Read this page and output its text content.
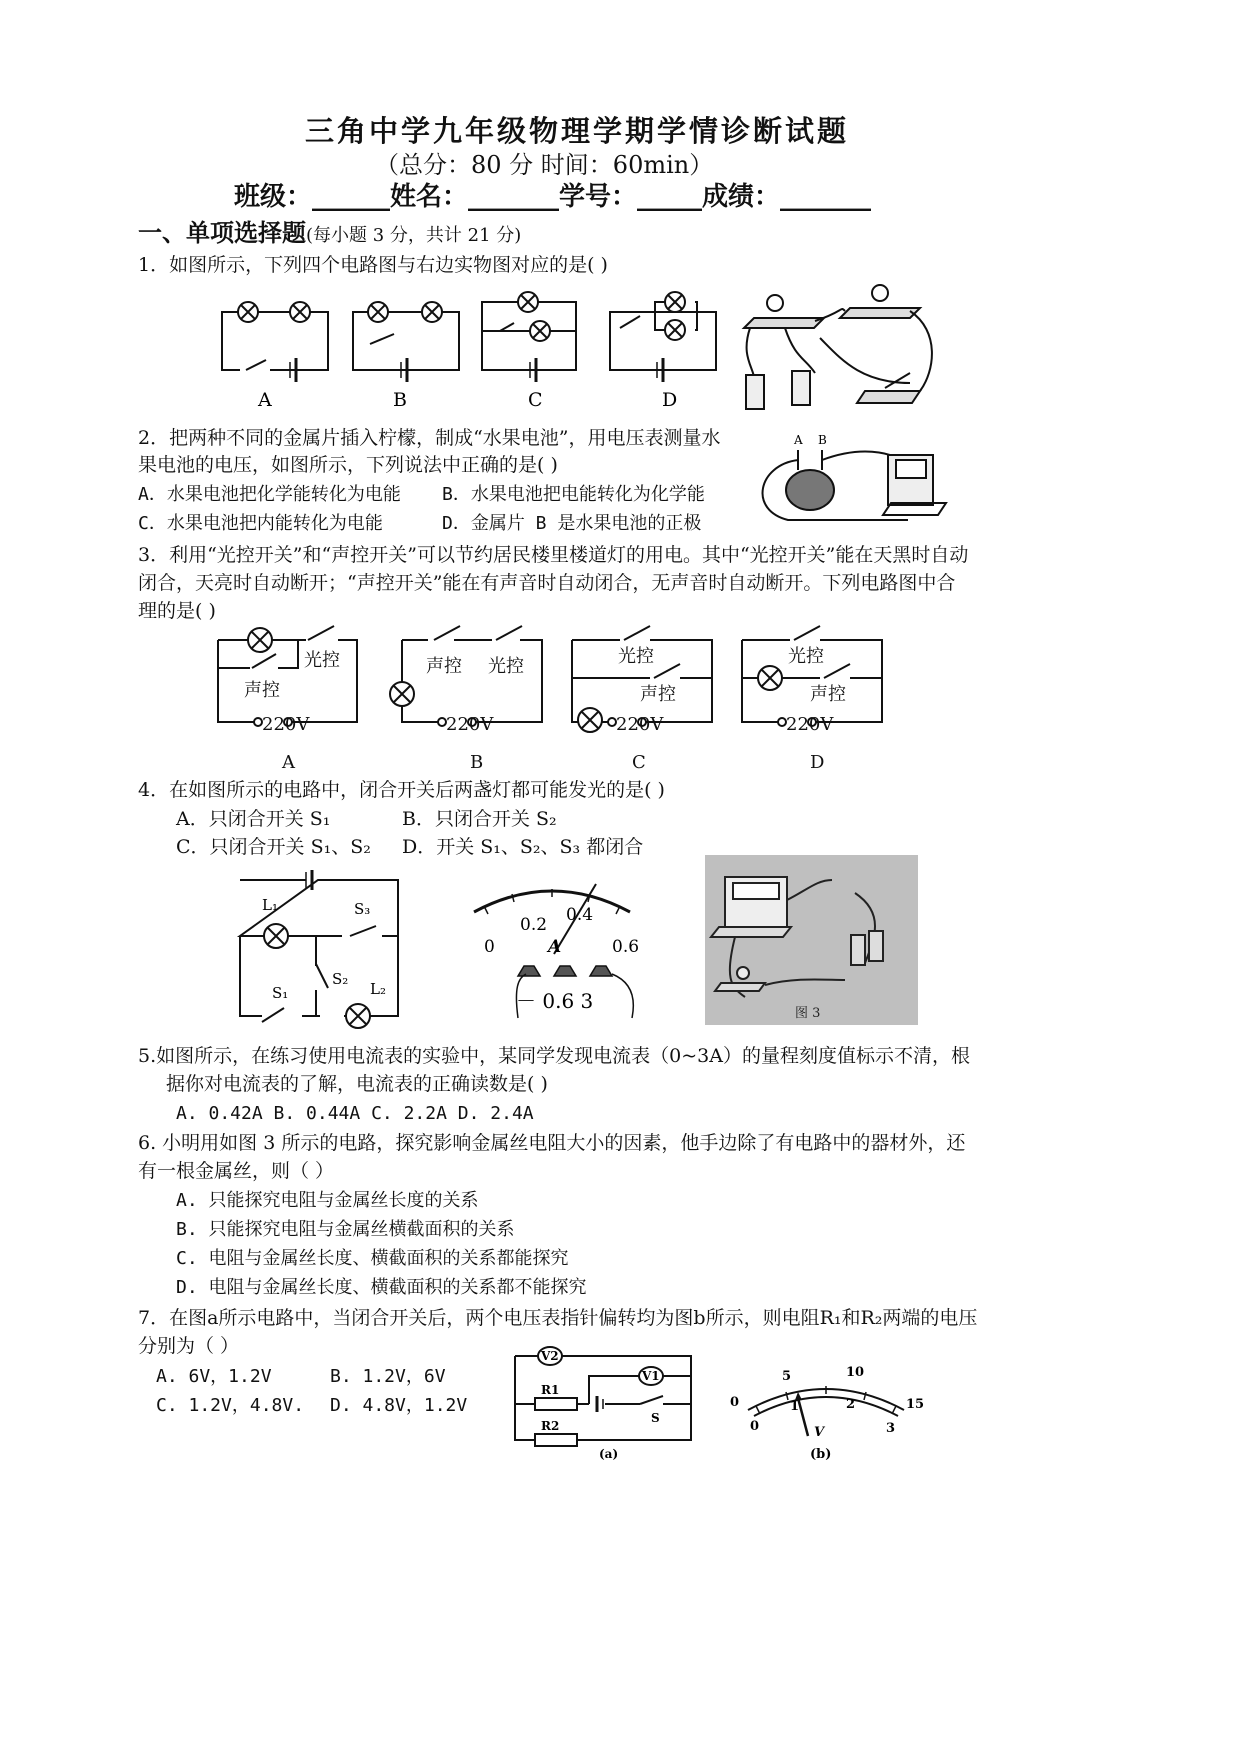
三角中学九年级物理学期学情诊断试题
（总分：80 分 时间：60min）
班级：______姓名：_______学号：_____成绩：_______
一、单项选择题(每小题 3 分，共计 21 分)
1．如图所示，下列四个电路图与右边实物图对应的是( )
A	B	C	D
2．把两种不同的金属片插入柠檬，制成“水果电池”，用电压表测量水
果电池的电压，如图所示，下列说法中正确的是( )
A．水果电池把化学能转化为电能 B．水果电池把电能转化为化学能
C．水果电池把内能转化为电能	D．金属片 B 是水果电池的正极
A B
3．利用“光控开关”和“声控开关”可以节约居民楼里楼道灯的用电。其中“光控开关”能在天黑时自动
闭合，天亮时自动断开；“声控开关”能在有声音时自动闭合，无声音时自动断开。下列电路图中合
理的是( )
光控
声控
声控 光控	光控
声控
光控
声控
220V	220V	220V	220V
A	B	C	D
4．在如图所示的电路中，闭合开关后两盏灯都可能发光的是( )
A．只闭合开关 S₁	B．只闭合开关 S₂
C．只闭合开关 S₁、S₂ D．开关 S₁、S₂、S₃ 都闭合
L₁	S₃
S₂
S₁	L₂
0
0.2 0.4
0.6
A
－ 0.6 3
图 3
5.如图所示，在练习使用电流表的实验中，某同学发现电流表（0~3A）的量程刻度值标示不清，根
据你对电流表的了解，电流表的正确读数是( )
A. 0.42A B. 0.44A C. 2.2A D. 2.4A
6. 小明用如图 3 所示的电路，探究影响金属丝电阻大小的因素，他手边除了有电路中的器材外，还
有一根金属丝，则（ ）
A. 只能探究电阻与金属丝长度的关系
B. 只能探究电阻与金属丝横截面积的关系
C. 电阻与金属丝长度、横截面积的关系都能探究
D. 电阻与金属丝长度、横截面积的关系都不能探究
7．在图a所示电路中，当闭合开关后，两个电压表指针偏转均为图b所示，则电阻R₁和R₂两端的电压
分别为（ ）
A. 6V，1.2V	B. 1.2V，6V
C. 1.2V，4.8V. D. 4.8V，1.2V
V2
V1
R1
R2
S
(a)
5	10
0	15
0
1	2
3
V
(b)
